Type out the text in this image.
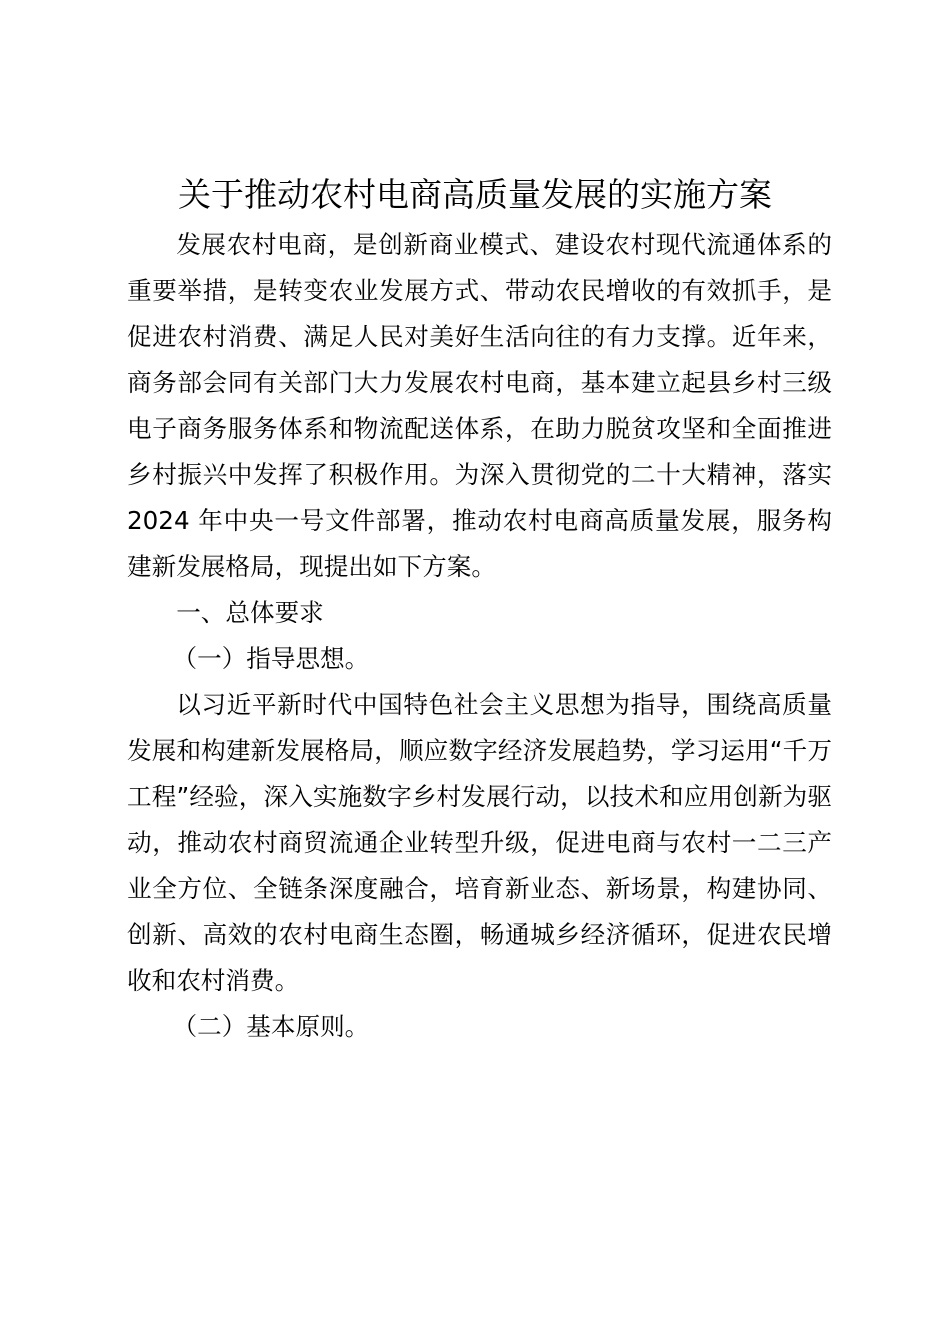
关于推动农村电商高质量发展的实施方案

发展农村电商，是创新商业模式、建设农村现代流通体系的重要举措，是转变农业发展方式、带动农民增收的有效抓手，是促进农村消费、满足人民对美好生活向往的有力支撑。近年来，商务部会同有关部门大力发展农村电商，基本建立起县乡村三级电子商务服务体系和物流配送体系，在助力脱贫攻坚和全面推进乡村振兴中发挥了积极作用。为深入贯彻党的二十大精神，落实 2024 年中央一号文件部署，推动农村电商高质量发展，服务构建新发展格局，现提出如下方案。

一、总体要求

（一）指导思想。

以习近平新时代中国特色社会主义思想为指导，围绕高质量发展和构建新发展格局，顺应数字经济发展趋势，学习运用“千万工程”经验，深入实施数字乡村发展行动，以技术和应用创新为驱动，推动农村商贸流通企业转型升级，促进电商与农村一二三产业全方位、全链条深度融合，培育新业态、新场景，构建协同、创新、高效的农村电商生态圈，畅通城乡经济循环，促进农民增收和农村消费。

（二）基本原则。
